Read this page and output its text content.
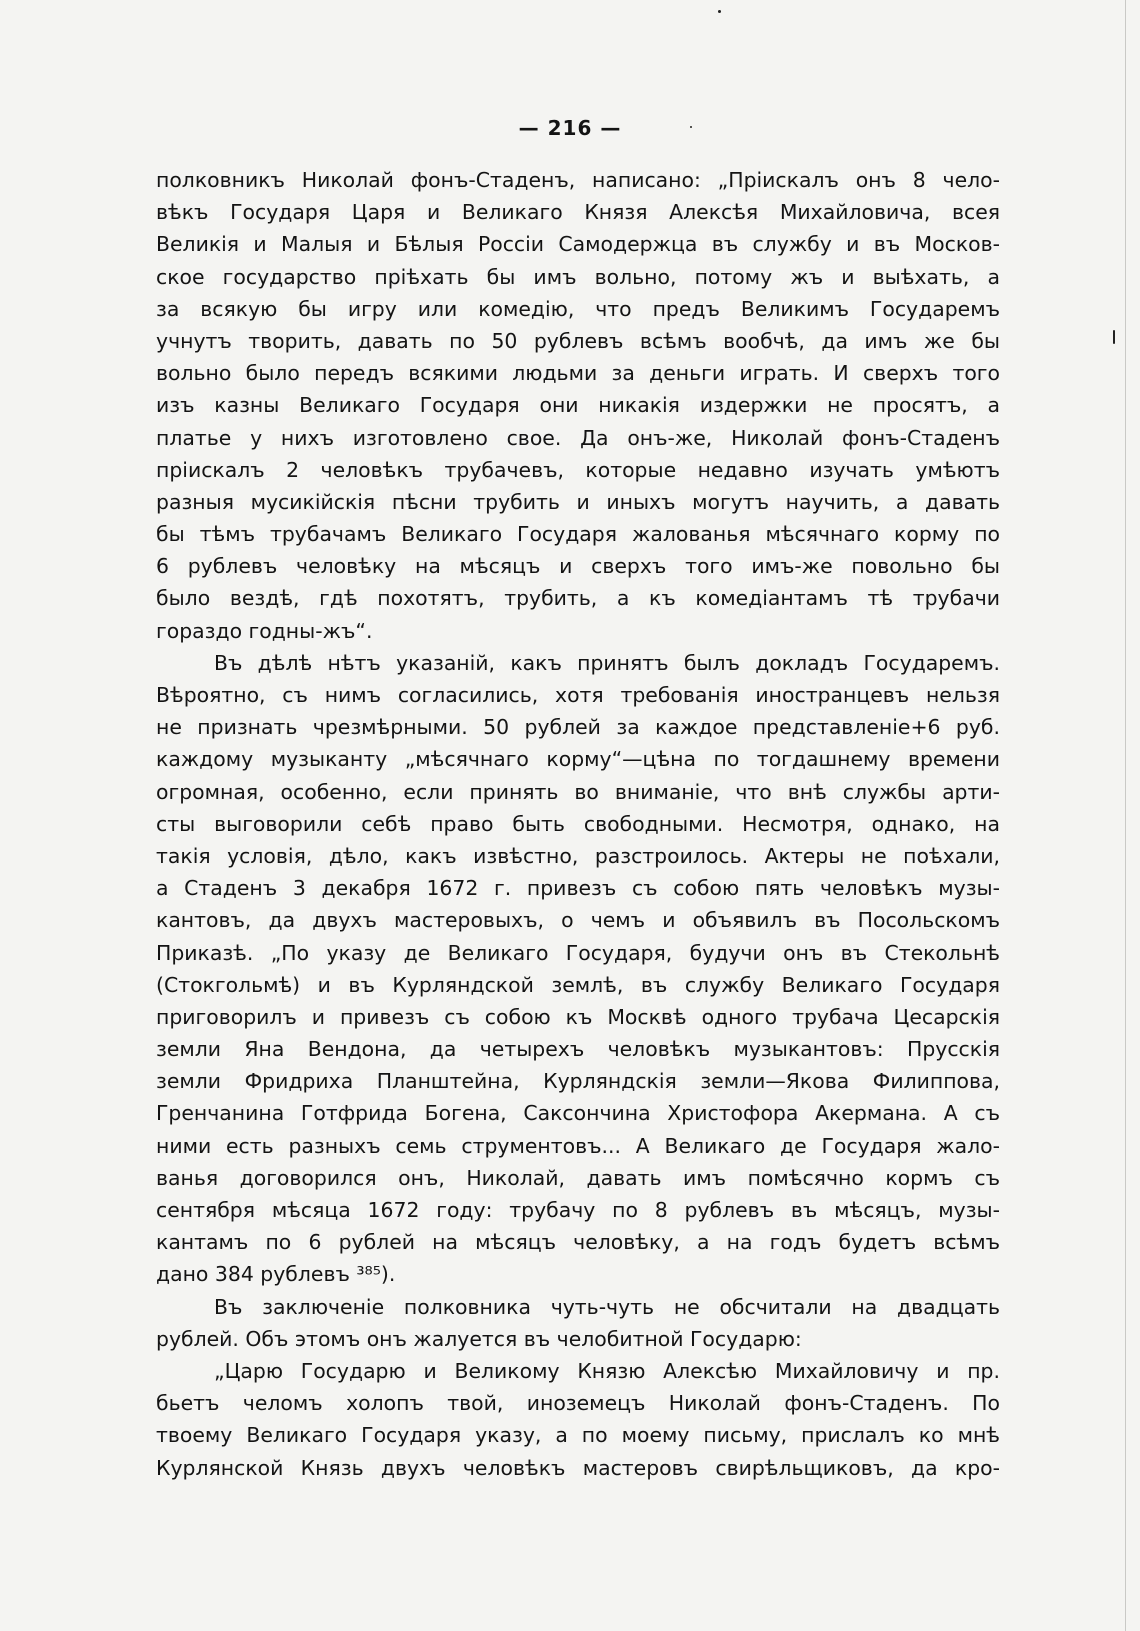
— 216 —
полковникъ Николай фонъ-Стаденъ, написано: „Пріискалъ онъ 8 чело-
вѣкъ Государя Царя и Великаго Князя Алексѣя Михайловича, всея
Великія и Малыя и Бѣлыя Россіи Самодержца въ службу и въ Москов-
ское государство пріѣхать бы имъ вольно, потому жъ и выѣхать, а
за всякую бы игру или комедію, что предъ Великимъ Государемъ
учнутъ творить, давать по 50 рублевъ всѣмъ вообчѣ, да имъ же бы
вольно было передъ всякими людьми за деньги играть. И сверхъ того
изъ казны Великаго Государя они никакія издержки не просятъ, а
платье у нихъ изготовлено свое. Да онъ-же, Николай фонъ-Стаденъ
пріискалъ 2 человѣкъ трубачевъ, которые недавно изучать умѣютъ
разныя мусикійскія пѣсни трубить и иныхъ могутъ научить, а давать
бы тѣмъ трубачамъ Великаго Государя жалованья мѣсячнаго корму по
6 рублевъ человѣку на мѣсяцъ и сверхъ того имъ-же повольно бы
было вездѣ, гдѣ похотятъ, трубить, а къ комедіантамъ тѣ трубачи
гораздо годны-жъ“.
Въ дѣлѣ нѣтъ указаній, какъ принятъ былъ докладъ Государемъ.
Вѣроятно, съ нимъ согласились, хотя требованія иностранцевъ нельзя
не признать чрезмѣрными. 50 рублей за каждое представленіе+6 руб.
каждому музыканту „мѣсячнаго корму“—цѣна по тогдашнему времени
огромная, особенно, если принять во вниманіе, что внѣ службы арти-
сты выговорили себѣ право быть свободными. Несмотря, однако, на
такія условія, дѣло, какъ извѣстно, разстроилось. Актеры не поѣхали,
а Стаденъ 3 декабря 1672 г. привезъ съ собою пять человѣкъ музы-
кантовъ, да двухъ мастеровыхъ, о чемъ и объявилъ въ Посольскомъ
Приказѣ. „По указу де Великаго Государя, будучи онъ въ Стекольнѣ
(Стокгольмѣ) и въ Курляндской землѣ, въ службу Великаго Государя
приговорилъ и привезъ съ собою къ Москвѣ одного трубача Цесарскія
земли Яна Вендона, да четырехъ человѣкъ музыкантовъ: Прусскія
земли Фридриха Планштейна, Курляндскія земли—Якова Филиппова,
Гренчанина Готфрида Богена, Саксончина Христофора Акермана. А съ
ними есть разныхъ семь струментовъ... А Великаго де Государя жало-
ванья договорился онъ, Николай, давать имъ помѣсячно кормъ съ
сентября мѣсяца 1672 году: трубачу по 8 рублевъ въ мѣсяцъ, музы-
кантамъ по 6 рублей на мѣсяцъ человѣку, а на годъ будетъ всѣмъ
дано 384 рублевъ ³⁸⁵).
Въ заключеніе полковника чуть-чуть не обсчитали на двадцать
рублей. Объ этомъ онъ жалуется въ челобитной Государю:
„Царю Государю и Великому Князю Алексѣю Михайловичу и пр.
бьетъ челомъ холопъ твой, иноземецъ Николай фонъ-Стаденъ. По
твоему Великаго Государя указу, а по моему письму, прислалъ ко мнѣ
Курлянской Князь двухъ человѣкъ мастеровъ свирѣльщиковъ, да кро-
